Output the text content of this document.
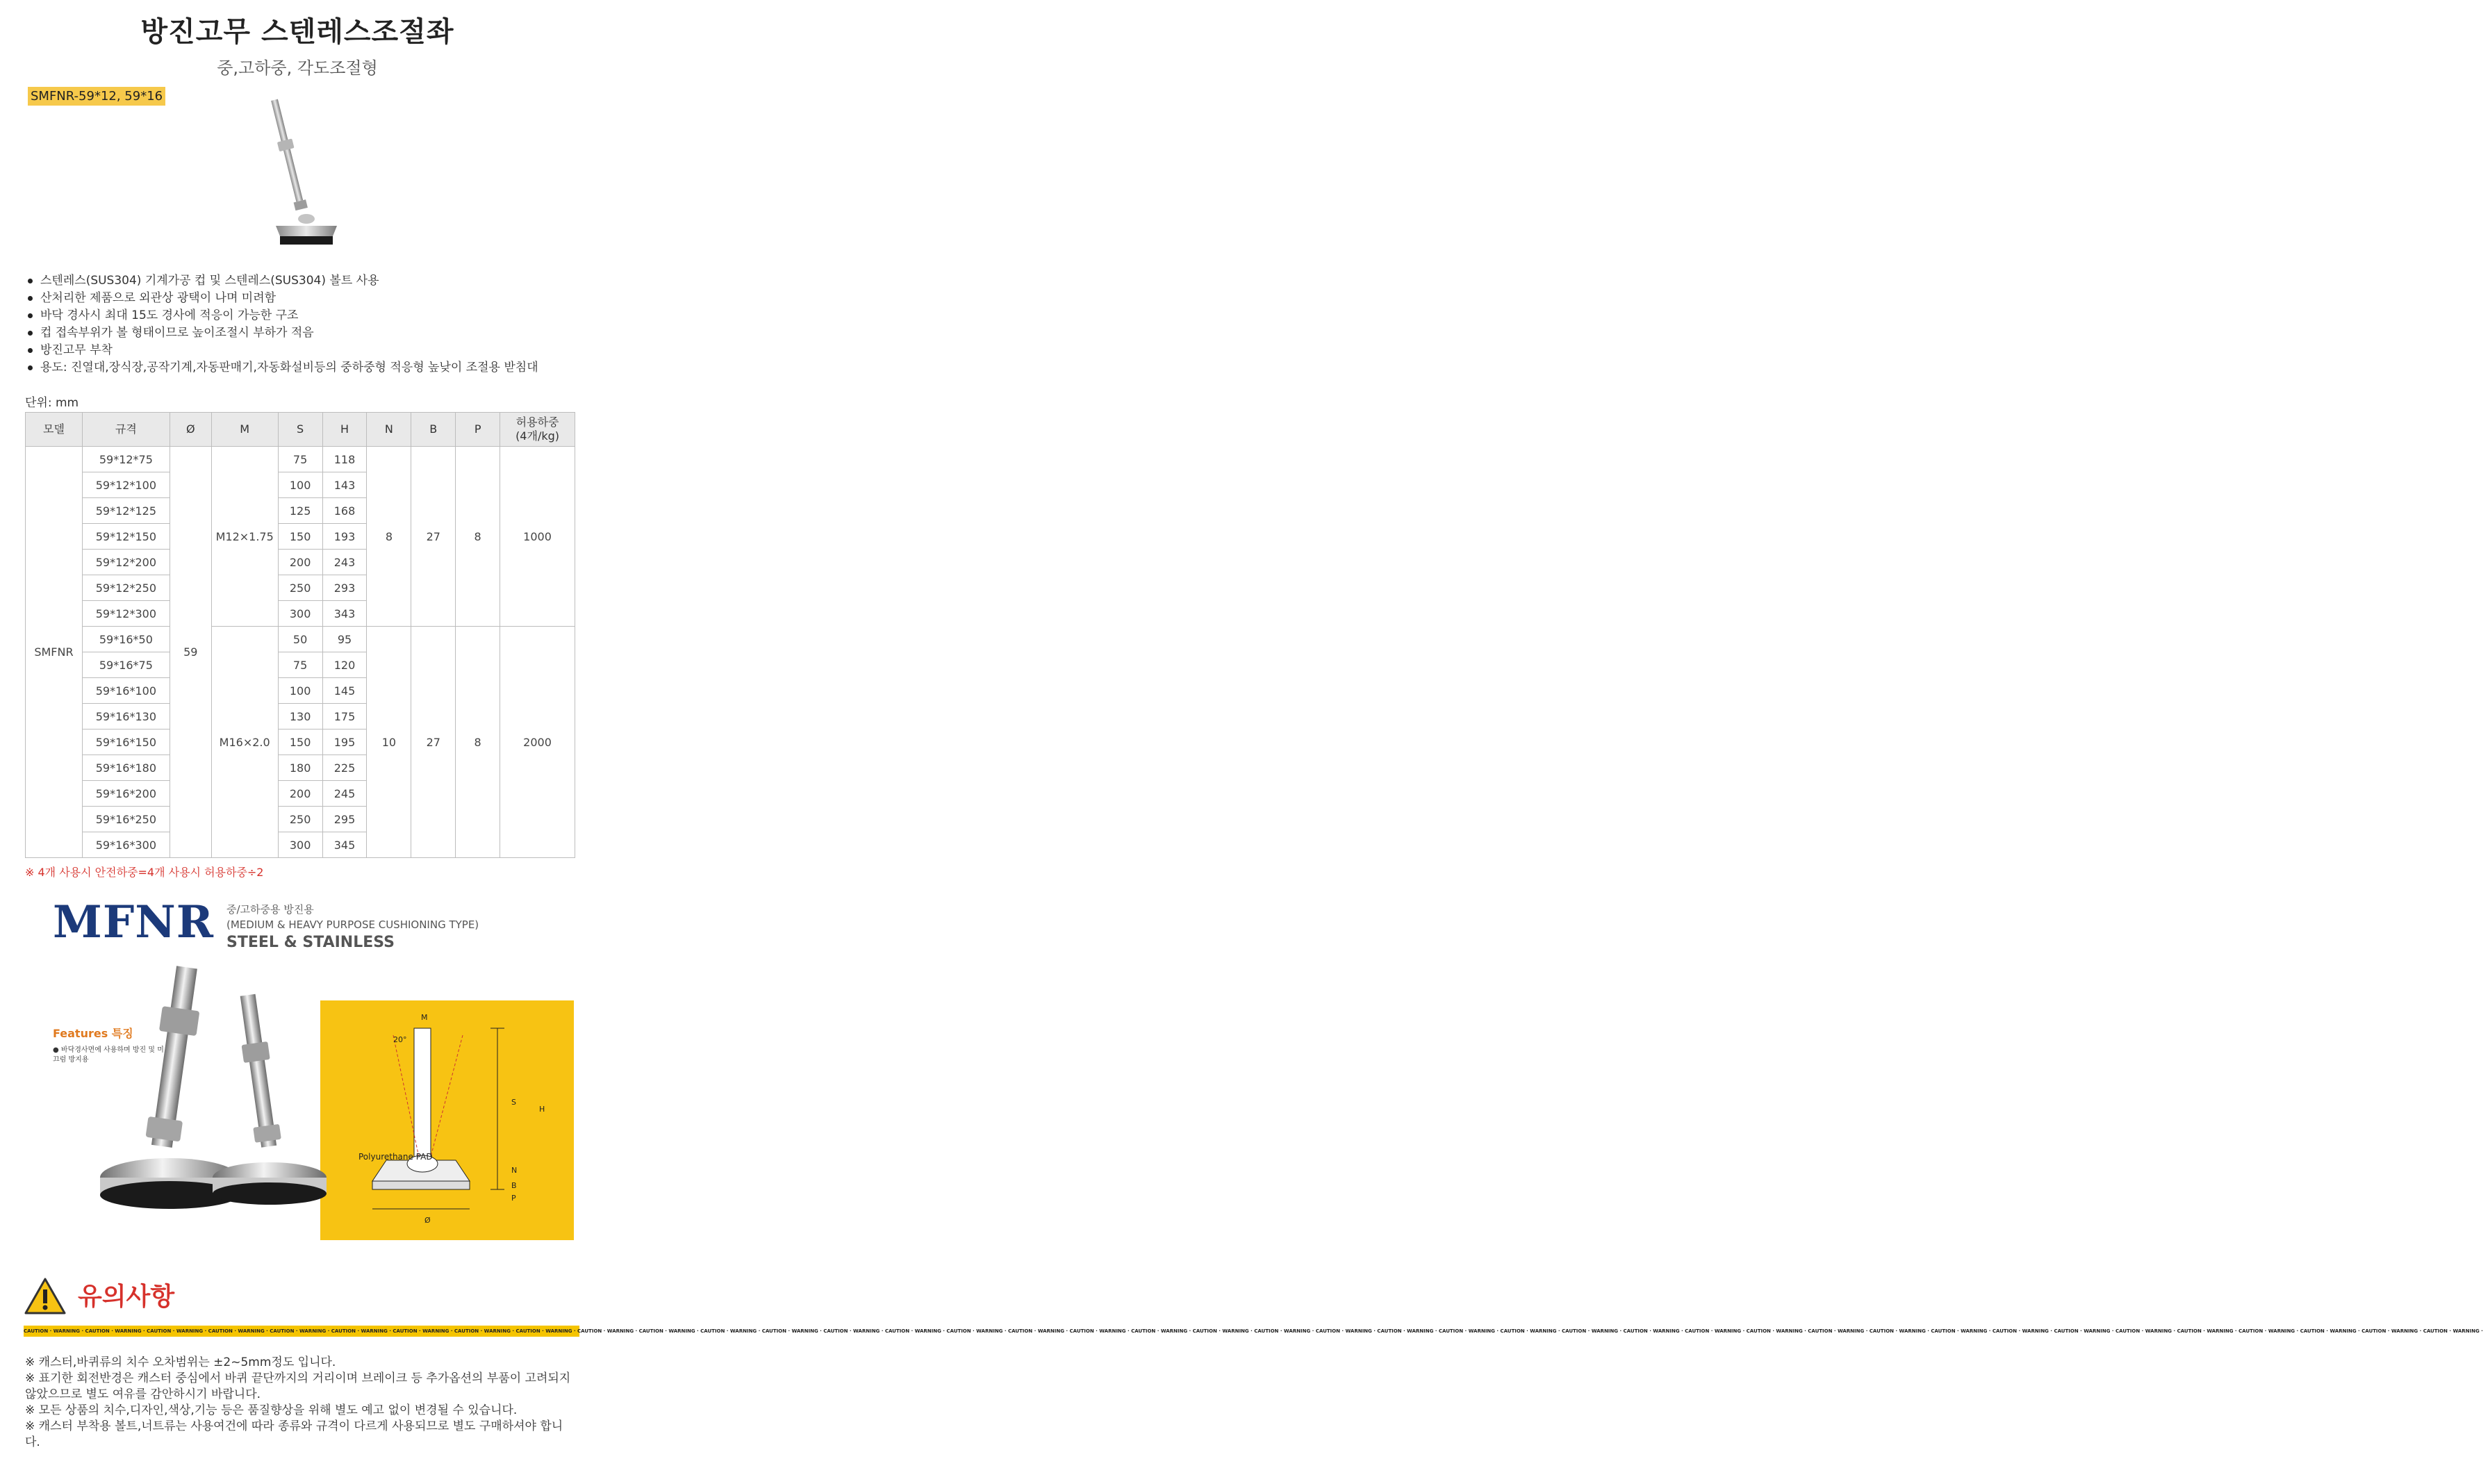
방진고무 스텐레스조절좌
중,고하중, 각도조절형
SMFNR-59*12, 59*16
스텐레스(SUS304) 기계가공 컵 및 스텐레스(SUS304) 볼트 사용
산처리한 제품으로 외관상 광택이 나며 미려함
바닥 경사시 최대 15도 경사에 적응이 가능한 구조
컵 접속부위가 볼 형태이므로 높이조절시 부하가 적음
방진고무 부착
용도: 진열대,장식장,공작기계,자동판매기,자동화설비등의 중하중형 적응형 높낮이 조절용 받침대
단위: mm
모델	규격	Ø	M	S	H	N	B	P	허용하중
(4개/kg)
SMFNR	59*12*75	59	M12×1.75	75	118	8	27	8	1000
	59*12*100			100	143				
	59*12*125			125	168				
	59*12*150			150	193				
	59*12*200			200	243				
	59*12*250			250	293				
	59*12*300			300	343				
	59*16*50		M16×2.0	50	95	10	27	8	2000
	59*16*75			75	120				
	59*16*100			100	145				
	59*16*130			130	175				
	59*16*150			150	195				
	59*16*180			180	225				
	59*16*200			200	245				
	59*16*250			250	295				
	59*16*300			300	345				
※ 4개 사용시 안전하중=4개 사용시 허용하중÷2
MFNR 중/고하중용 방진용
(MEDIUM & HEAVY PURPOSE CUSHIONING TYPE)
STEEL & STAINLESS
Features 특징
● 바닥경사면에 사용하며 방진 및 미끄럼 방지용
M
20°
S
H
N
B
P
Ø
Polyurethane PAD
유의사항
CAUTION · WARNING · CAUTION · WARNING · CAUTION · WARNING · CAUTION · WARNING · CAUTION · WARNING · CAUTION · WARNING · CAUTION · WARNING · CAUTION · WARNING · CAUTION · WARNING · CAUTION · WARNING · CAUTION · WARNING · CAUTION · WARNING · CAUTION · WARNING · CAUTION · WARNING · CAUTION · WARNING · CAUTION · WARNING · CAUTION · WARNING · CAUTION · WARNING · CAUTION · WARNING · CAUTION · WARNING · CAUTION · WARNING · CAUTION · WARNING · CAUTION · WARNING · CAUTION · WARNING · CAUTION · WARNING · CAUTION · WARNING · CAUTION · WARNING · CAUTION · WARNING · CAUTION · WARNING · CAUTION · WARNING · CAUTION · WARNING · CAUTION · WARNING · CAUTION · WARNING · CAUTION · WARNING · CAUTION · WARNING · CAUTION · WARNING · CAUTION · WARNING · CAUTION · WARNING · CAUTION · WARNING · CAUTION · WARNING ·

※ 캐스터,바퀴류의 치수 오차범위는 ±2~5mm정도 입니다.

※ 표기한 회전반경은 캐스터 중심에서 바퀴 끝단까지의 거리이며 브레이크 등 추가옵션의 부품이 고려되지 않았으므로 별도 여유를 감안하시기 바랍니다.

※ 모든 상품의 치수,디자인,색상,기능 등은 품질향상을 위해 별도 예고 없이 변경될 수 있습니다.

※ 캐스터 부착용 볼트,너트류는 사용여건에 따라 종류와 규격이 다르게 사용되므로 별도 구매하셔야 합니다.
